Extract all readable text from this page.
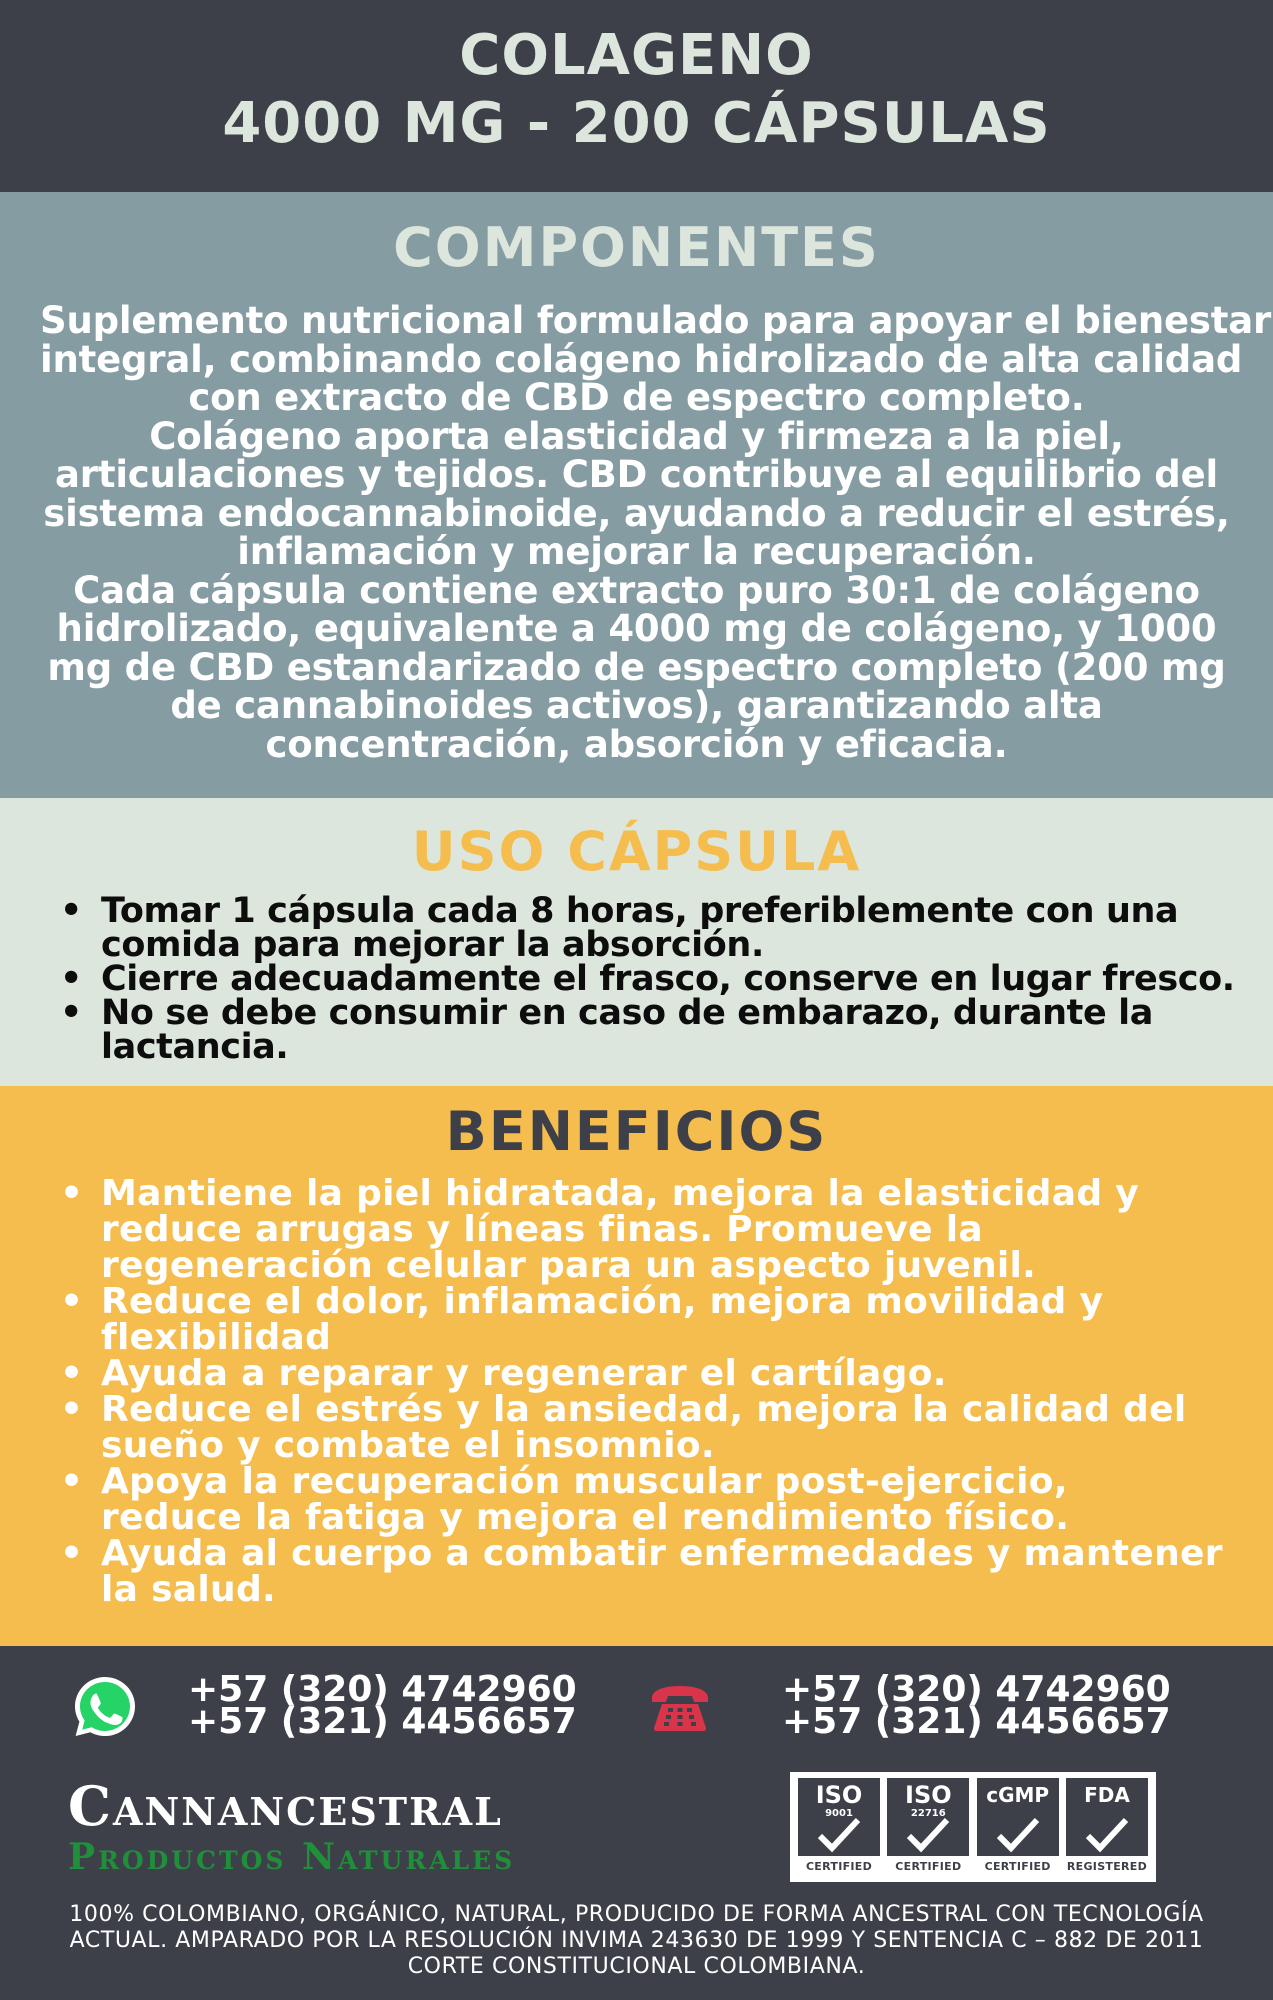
COLAGENO
4000 MG - 200 CÁPSULAS
COMPONENTES
Suplemento nutricional formulado para apoyar el bienestar
integral, combinando colágeno hidrolizado de alta calidad
con extracto de CBD de espectro completo.
Colágeno aporta elasticidad y firmeza a la piel,
articulaciones y tejidos. CBD contribuye al equilibrio del
sistema endocannabinoide, ayudando a reducir el estrés,
inflamación y mejorar la recuperación.
Cada cápsula contiene extracto puro 30:1 de colágeno
hidrolizado, equivalente a 4000 mg de colágeno, y 1000
mg de CBD estandarizado de espectro completo (200 mg
de cannabinoides activos), garantizando alta
concentración, absorción y eficacia.
USO CÁPSULA
• Tomar 1 cápsula cada 8 horas, preferiblemente con una
comida para mejorar la absorción.
• Cierre adecuadamente el frasco, conserve en lugar fresco.
• No se debe consumir en caso de embarazo, durante la
lactancia.
BENEFICIOS
• Mantiene la piel hidratada, mejora la elasticidad y
reduce arrugas y líneas finas. Promueve la
regeneración celular para un aspecto juvenil.
• Reduce el dolor, inflamación, mejora movilidad y
flexibilidad
• Ayuda a reparar y regenerar el cartílago.
• Reduce el estrés y la ansiedad, mejora la calidad del
sueño y combate el insomnio.
• Apoya la recuperación muscular post-ejercicio,
reduce la fatiga y mejora el rendimiento físico.
• Ayuda al cuerpo a combatir enfermedades y mantener
la salud.
+57 (320) 4742960
+57 (321) 4456657
+57 (320) 4742960
+57 (321) 4456657
Cannancestral
Productos Naturales
ISO
9001
CERTIFIED
ISO
22716
CERTIFIED
cGMP
CERTIFIED
FDA
REGISTERED
100% COLOMBIANO, ORGÁNICO, NATURAL, PRODUCIDO DE FORMA ANCESTRAL CON TECNOLOGÍA
ACTUAL. AMPARADO POR LA RESOLUCIÓN INVIMA 243630 DE 1999 Y SENTENCIA C – 882 DE 2011
CORTE CONSTITUCIONAL COLOMBIANA.
